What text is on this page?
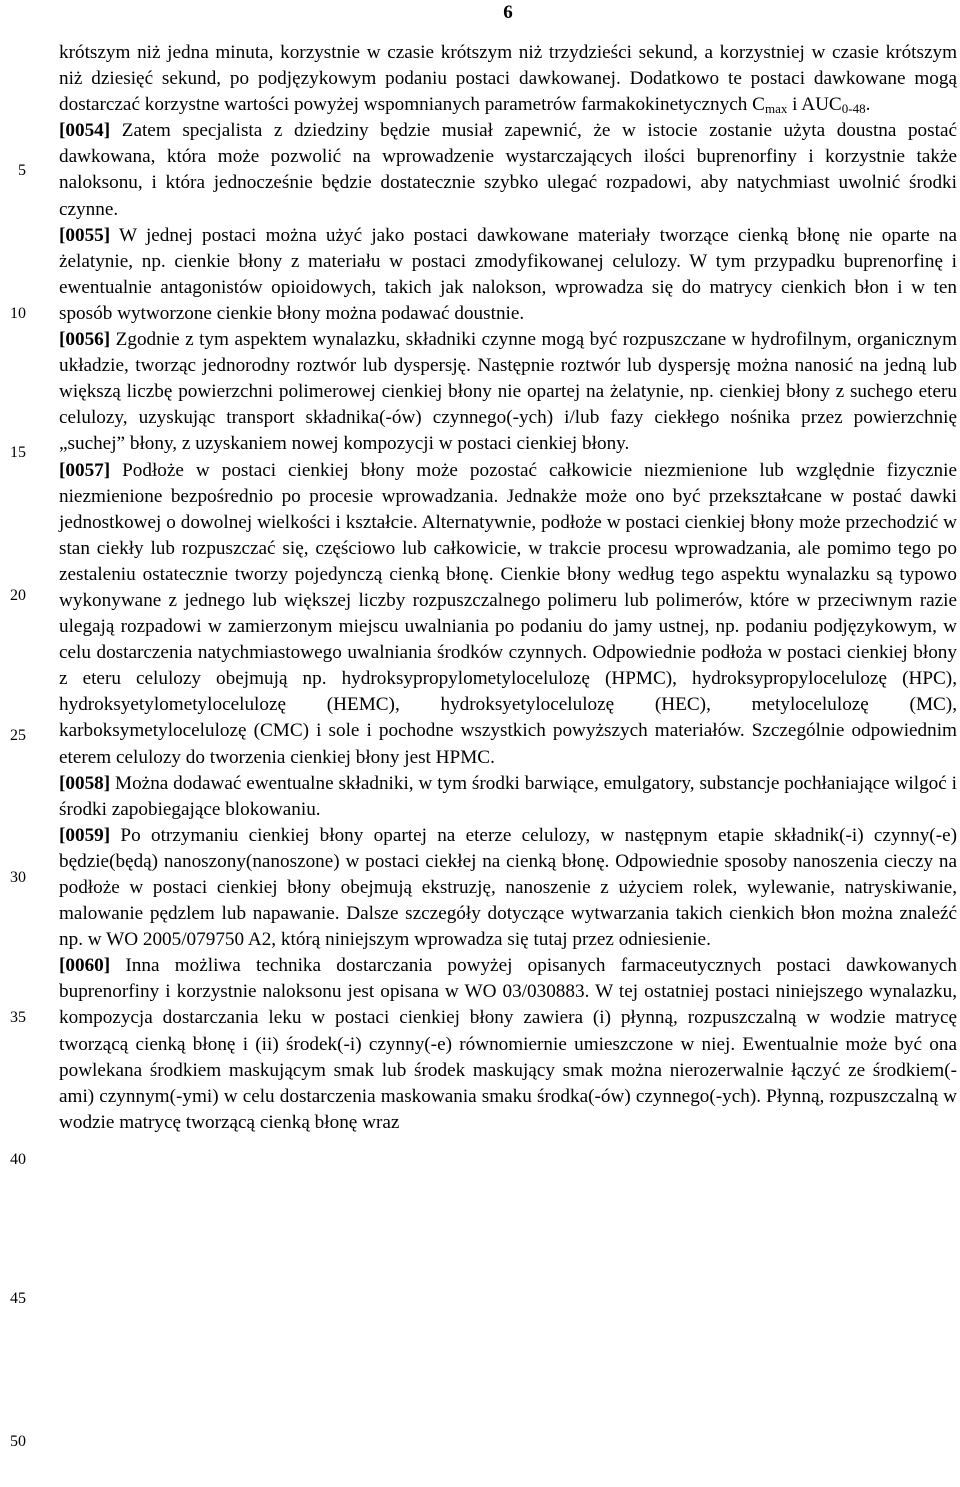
6
5
10
15
20
25
30
35
40
45
50

krótszym niż jedna minuta, korzystnie w czasie krótszym niż trzydzieści sekund, a korzystniej w czasie krótszym niż dziesięć sekund, po podjęzykowym podaniu postaci dawkowanej. Dodatkowo te postaci dawkowane mogą dostarczać korzystne wartości powyżej wspomnianych parametrów farmakokinetycznych $C_{max}$ i $AUC_{0-48}$.

[0054] Zatem specjalista z dziedziny będzie musiał zapewnić, że w istocie zostanie użyta doustna postać dawkowana, która może pozwolić na wprowadzenie wystarczających ilości buprenorfiny i korzystnie także naloksonu, i która jednocześnie będzie dostatecznie szybko ulegać rozpadowi, aby natychmiast uwolnić środki czynne.

[0055] W jednej postaci można użyć jako postaci dawkowane materiały tworzące cienką błonę nie oparte na żelatynie, np. cienkie błony z materiału w postaci zmodyfikowanej celulozy. W tym przypadku buprenorfinę i ewentualnie antagonistów opioidowych, takich jak nalokson, wprowadza się do matrycy cienkich błon i w ten sposób wytworzone cienkie błony można podawać doustnie.

[0056] Zgodnie z tym aspektem wynalazku, składniki czynne mogą być rozpuszczane w hydrofilnym, organicznym układzie, tworząc jednorodny roztwór lub dyspersję. Następnie roztwór lub dyspersję można nanosić na jedną lub większą liczbę powierzchni polimerowej cienkiej błony nie opartej na żelatynie, np. cienkiej błony z suchego eteru celulozy, uzyskując transport składnika(-ów) czynnego(-ych) i/lub fazy ciekłego nośnika przez powierzchnię „suchej” błony, z uzyskaniem nowej kompozycji w postaci cienkiej błony.

[0057] Podłoże w postaci cienkiej błony może pozostać całkowicie niezmienione lub względnie fizycznie niezmienione bezpośrednio po procesie wprowadzania. Jednakże może ono być przekształcane w postać dawki jednostkowej o dowolnej wielkości i kształcie. Alternatywnie, podłoże w postaci cienkiej błony może przechodzić w stan ciekły lub rozpuszczać się, częściowo lub całkowicie, w trakcie procesu wprowadzania, ale pomimo tego po zestaleniu ostatecznie tworzy pojedynczą cienką błonę. Cienkie błony według tego aspektu wynalazku są typowo wykonywane z jednego lub większej liczby rozpuszczalnego polimeru lub polimerów, które w przeciwnym razie ulegają rozpadowi w zamierzonym miejscu uwalniania po podaniu do jamy ustnej, np. podaniu podjęzykowym, w celu dostarczenia natychmiastowego uwalniania środków czynnych. Odpowiednie podłoża w postaci cienkiej błony z eteru celulozy obejmują np. hydroksypropylometylocelulozę (HPMC), hydroksypropylocelulozę (HPC), hydroksyetylometylocelulozę (HEMC), hydroksyetylocelulozę (HEC), metylocelulozę (MC), karboksymetylocelulozę (CMC) i sole i pochodne wszystkich powyższych materiałów. Szczególnie odpowiednim eterem celulozy do tworzenia cienkiej błony jest HPMC.

[0058] Można dodawać ewentualne składniki, w tym środki barwiące, emulgatory, substancje pochłaniające wilgoć i środki zapobiegające blokowaniu.

[0059] Po otrzymaniu cienkiej błony opartej na eterze celulozy, w następnym etapie składnik(-i) czynny(-e) będzie(będą) nanoszony(nanoszone) w postaci ciekłej na cienką błonę. Odpowiednie sposoby nanoszenia cieczy na podłoże w postaci cienkiej błony obejmują ekstruzję, nanoszenie z użyciem rolek, wylewanie, natryskiwanie, malowanie pędzlem lub napawanie. Dalsze szczegóły dotyczące wytwarzania takich cienkich błon można znaleźć np. w WO 2005/079750 A2, którą niniejszym wprowadza się tutaj przez odniesienie.

[0060] Inna możliwa technika dostarczania powyżej opisanych farmaceutycznych postaci dawkowanych buprenorfiny i korzystnie naloksonu jest opisana w WO 03/030883. W tej ostatniej postaci niniejszego wynalazku, kompozycja dostarczania leku w postaci cienkiej błony zawiera (i) płynną, rozpuszczalną w wodzie matrycę tworzącą cienką błonę i (ii) środek(-i) czynny(-e) równomiernie umieszczone w niej. Ewentualnie może być ona powlekana środkiem maskującym smak lub środek maskujący smak można nierozerwalnie łączyć ze środkiem(-ami) czynnym(-ymi) w celu dostarczenia maskowania smaku środka(-ów) czynnego(-ych). Płynną, rozpuszczalną w wodzie matrycę tworzącą cienką błonę wraz
